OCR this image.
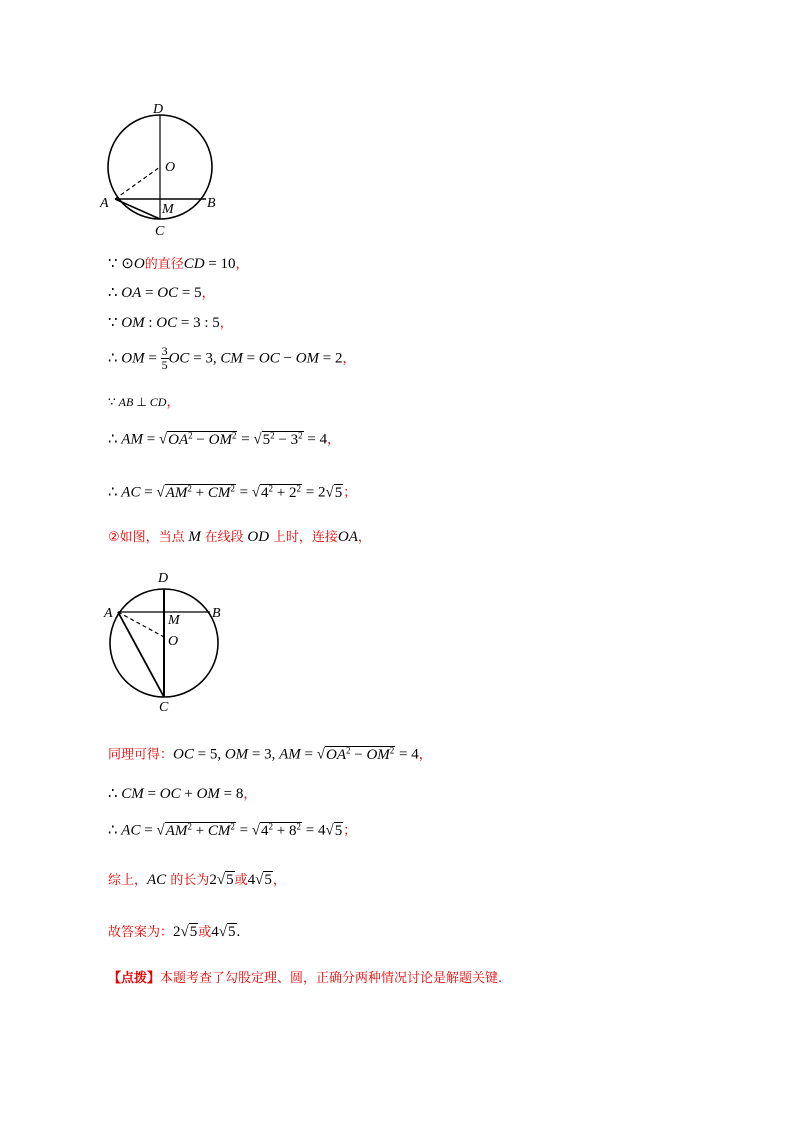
D
O
A	M B
C
∵ ⊙O的直径CD = 10，
∴ OA = OC = 5，
∵ OM : OC = 3 : 5，
∴ OM = $\frac{3}{5}$ OC = 3, CM = OC − OM = 2，
∵ AB ⊥ CD，
∴ AM = $√OA^2 - OM^2 = √5^2 - 3^2 = 4$，
∴ AC = $√AM^2 + CM^2 = √4^2 + 2^2 = 2√5$；
②如图，当点 M 在线段 OD 上时，连接OA，
D
A	M B
O
C
同理可得：OC = 5, OM = 3, AM = $√OA^2 - OM^2 = 4$，
∴ CM = OC + OM = 8，
∴ AC = $√AM^2 + CM^2 = √4^2 + 8^2 = 4√5$；
综上，AC 的长为2√5或4√5，
故答案为：2√5或4√5.
【点拨】本题考查了勾股定理、圆，正确分两种情况讨论是解题关键.
